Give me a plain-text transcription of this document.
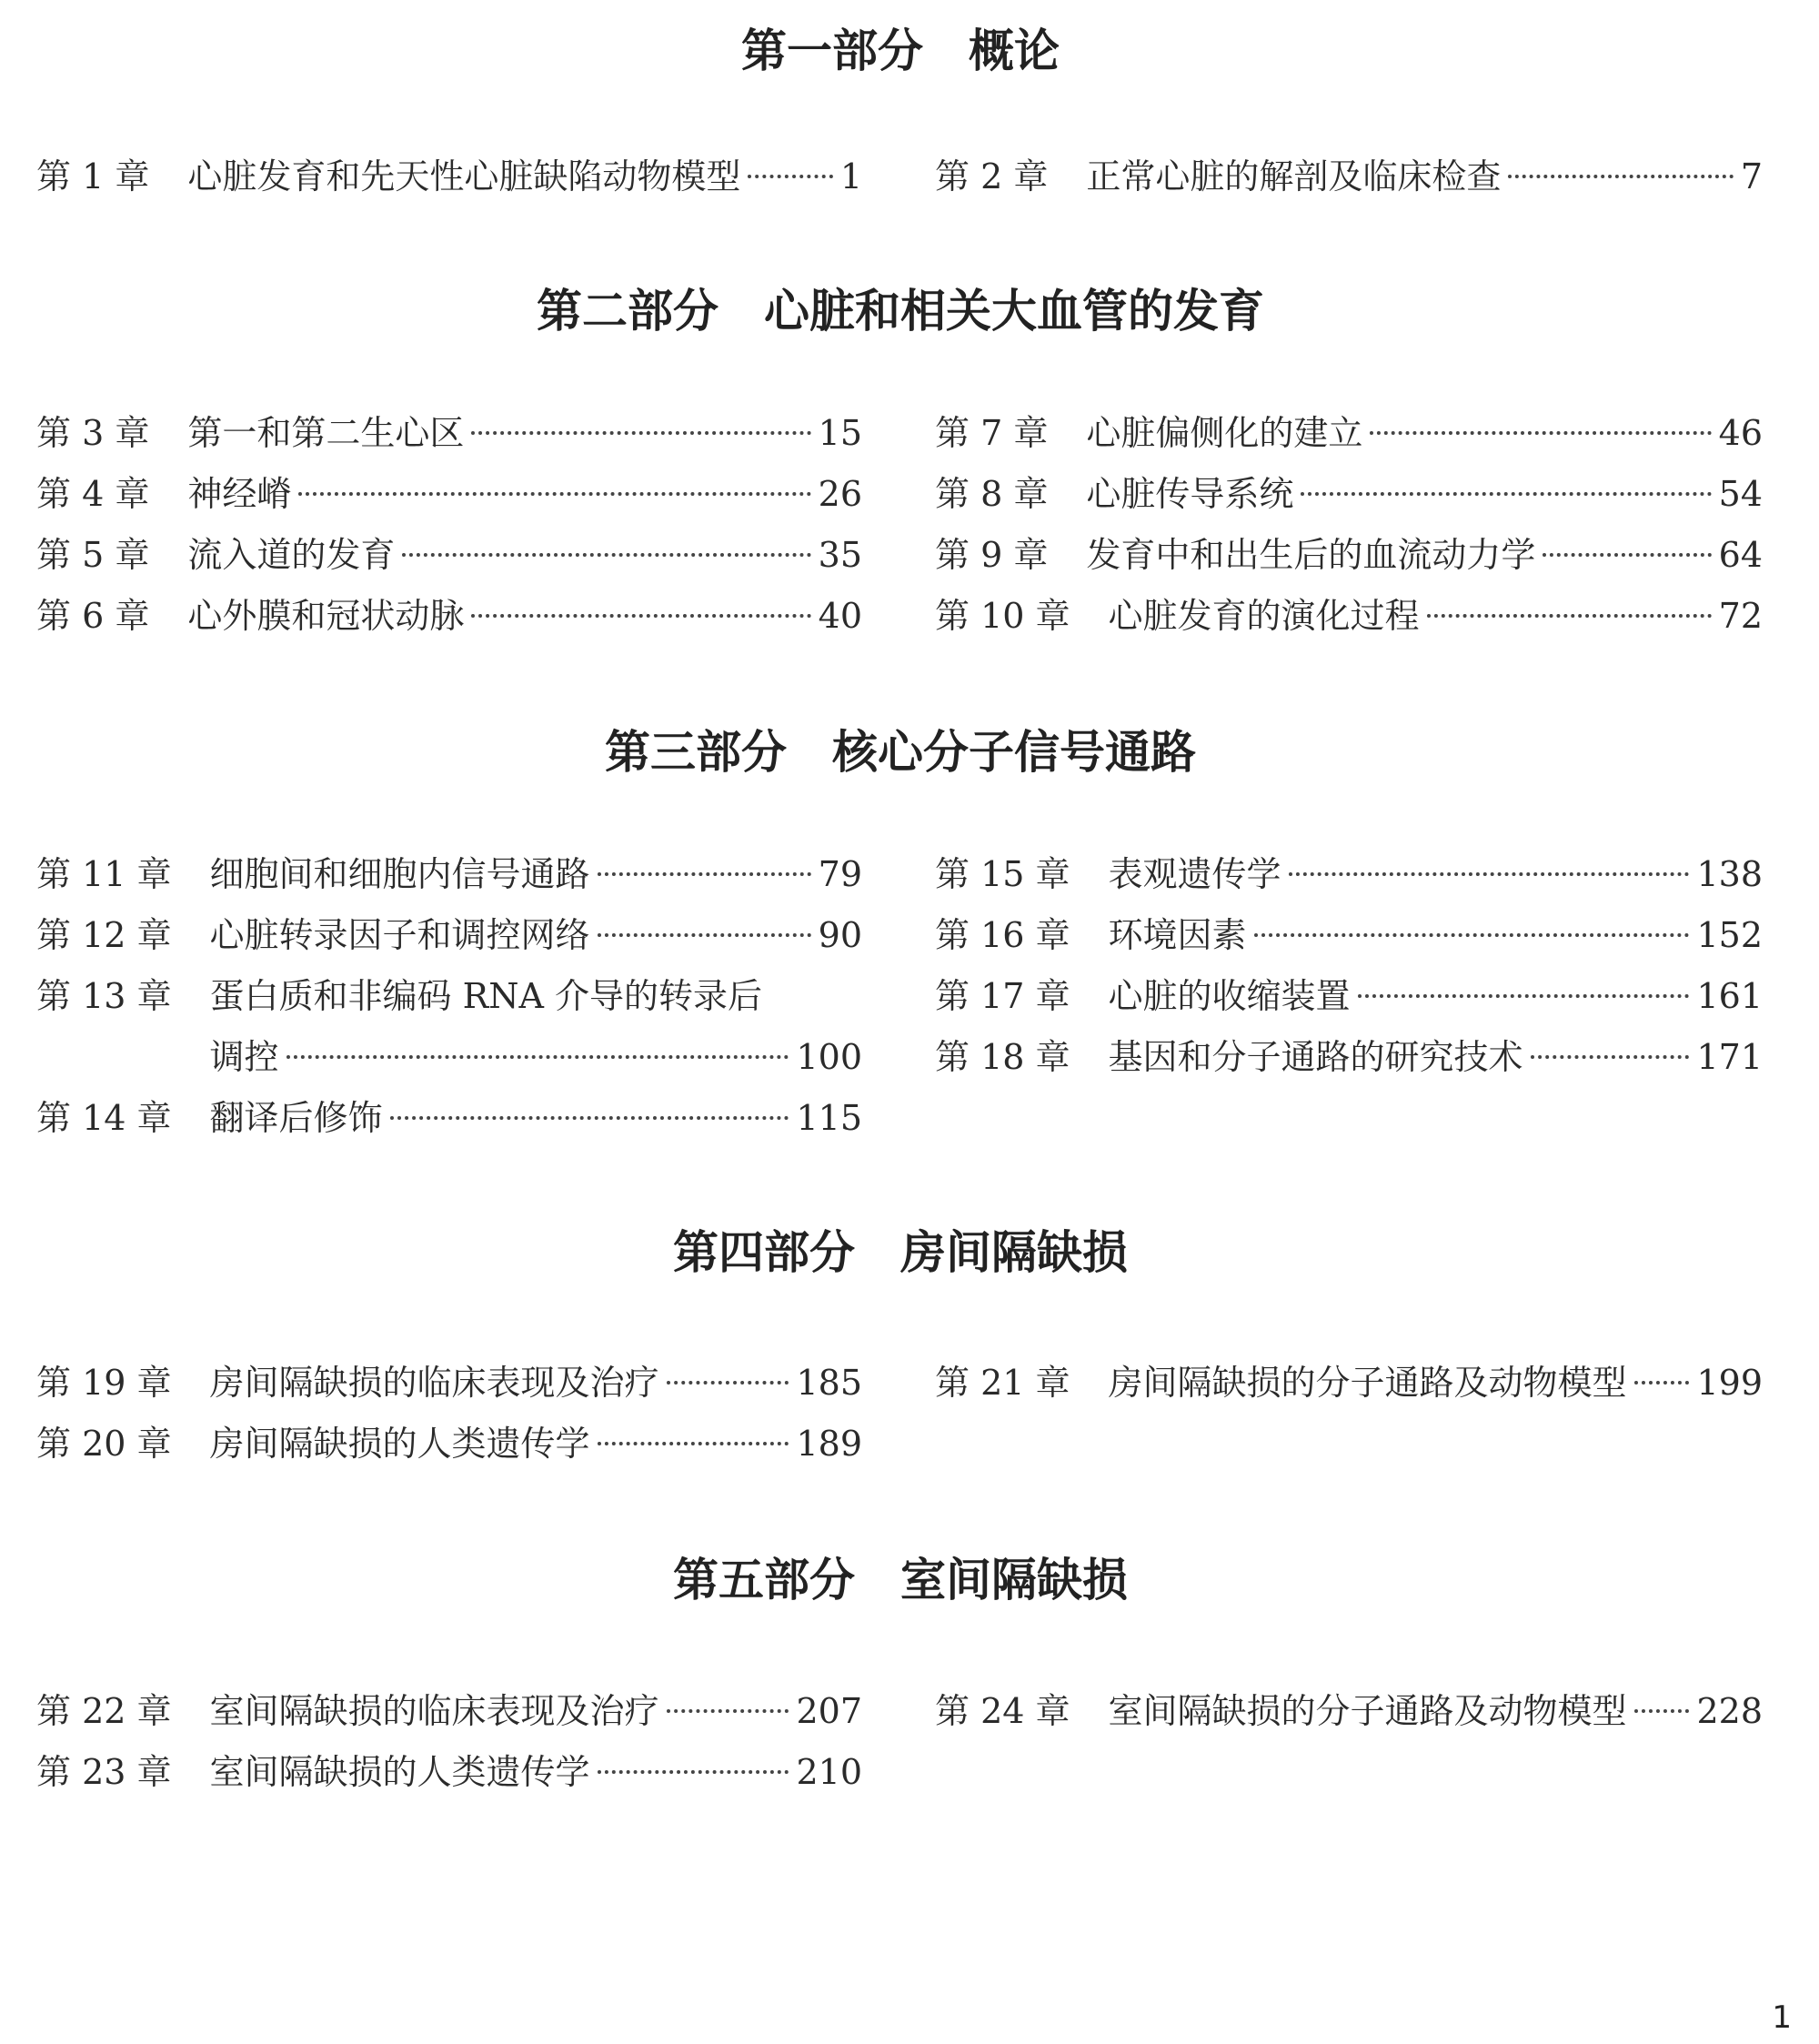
第一部分　概论
第 1 章 心脏发育和先天性心脏缺陷动物模型	1 第 2 章 正常心脏的解剖及临床检查	7
第二部分　心脏和相关大血管的发育
第 3 章 第一和第二生心区	15
第 4 章 神经嵴	26
第 5 章 流入道的发育	35
第 6 章 心外膜和冠状动脉	40
第 7 章 心脏偏侧化的建立	46
第 8 章 心脏传导系统	54
第 9 章 发育中和出生后的血流动力学	64
第 10 章 心脏发育的演化过程	72
第三部分　核心分子信号通路
第 11 章 细胞间和细胞内信号通路	79
第 12 章 心脏转录因子和调控网络	90
第 13 章 蛋白质和非编码 RNA 介导的转录后
调控	100
第 14 章 翻译后修饰	115
第 15 章 表观遗传学	138
第 16 章 环境因素	152
第 17 章 心脏的收缩装置	161
第 18 章 基因和分子通路的研究技术	171
第四部分　房间隔缺损
第 19 章 房间隔缺损的临床表现及治疗	185
第 20 章 房间隔缺损的人类遗传学	189
第 21 章 房间隔缺损的分子通路及动物模型 199
第五部分　室间隔缺损
第 22 章 室间隔缺损的临床表现及治疗	207
第 23 章 室间隔缺损的人类遗传学	210
第 24 章 室间隔缺损的分子通路及动物模型 228
1
